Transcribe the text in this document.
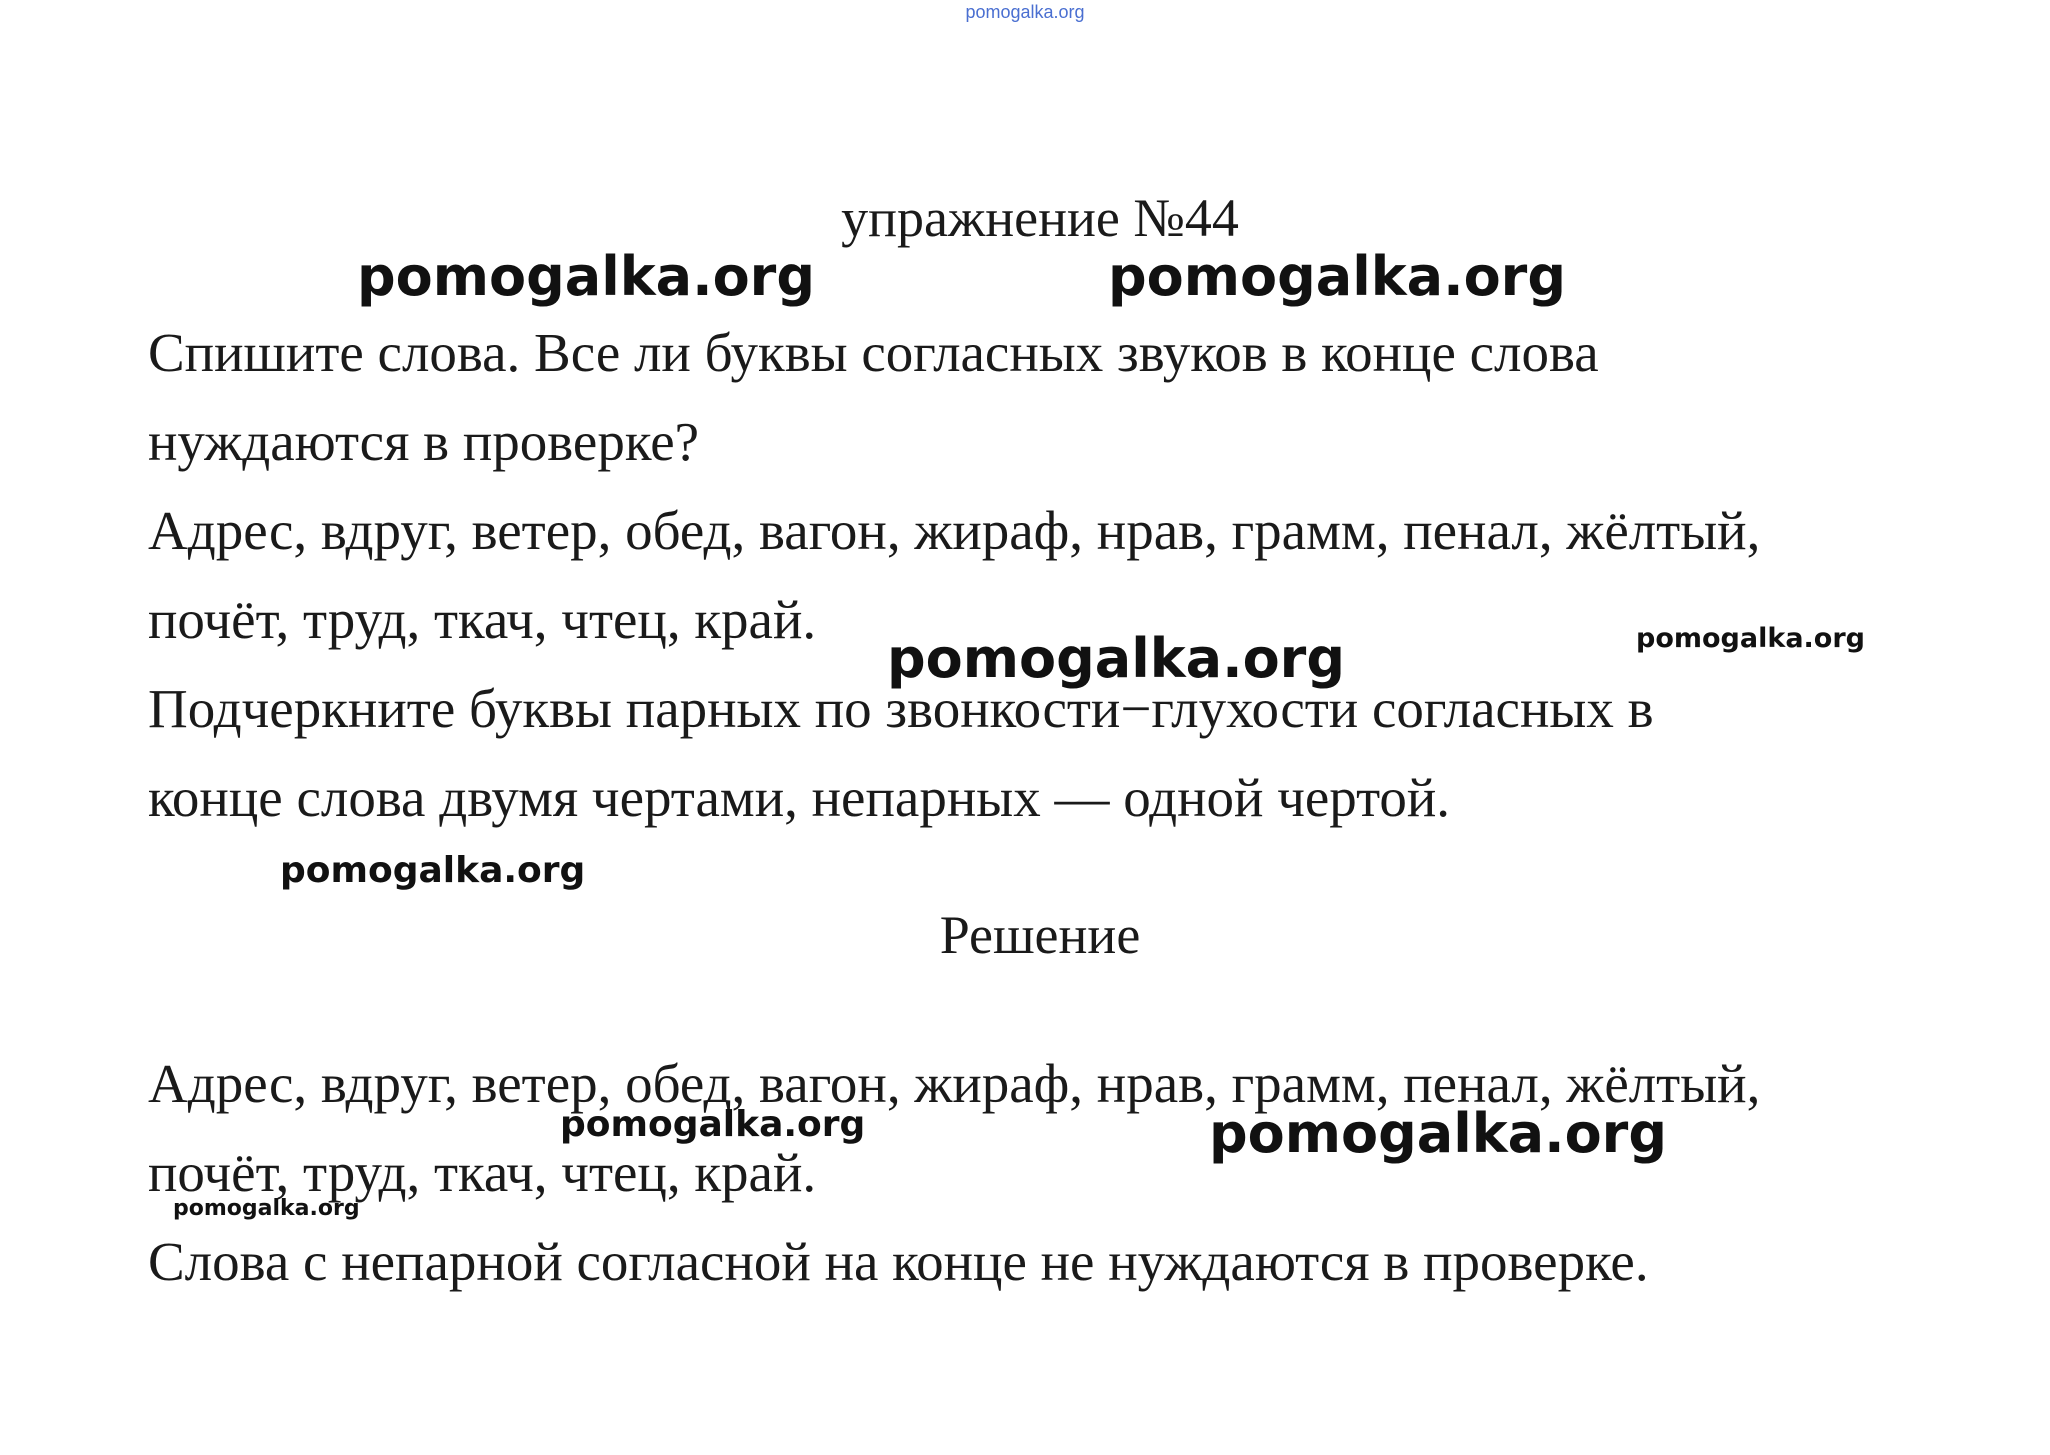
pomogalka.org
упражнение №44
Спишите слова. Все ли буквы согласных звуков в конце слова
нуждаются в проверке?
Адрес, вдруг, ветер, обед, вагон, жираф, нрав, грамм, пенал, жёлтый,
почёт, труд, ткач, чтец, край.
Подчеркните буквы парных по звонкости−глухости согласных в
конце слова двумя чертами, непарных — одной чертой.
Решение
Адрес, вдруг, ветер, обед, вагон, жираф, нрав, грамм, пенал, жёлтый,
почёт, труд, ткач, чтец, край.
Слова с непарной согласной на конце не нуждаются в проверке.
pomogalka.org	pomogalka.org
pomogalka.org	pomogalka.org
pomogalka.org
pomogalka.org	pomogalka.org
pomogalka.org
